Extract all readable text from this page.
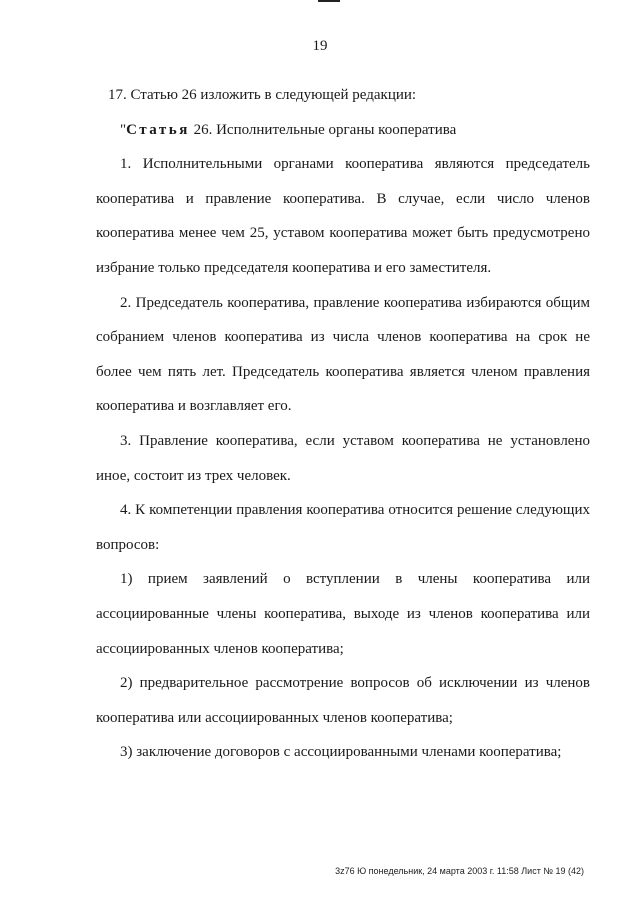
19

17. Статью 26 изложить в следующей редакции:

"Статья 26. Исполнительные органы кооператива

1. Исполнительными органами кооператива являются председатель кооператива и правление кооператива. В случае, если число членов кооператива менее чем 25, уставом кооператива может быть предусмотрено избрание только председателя кооператива и его заместителя.

2. Председатель кооператива, правление кооператива избираются общим собранием членов кооператива из числа членов кооператива на срок не более чем пять лет. Председатель кооператива является членом правления кооператива и возглавляет его.

3. Правление кооператива, если уставом кооператива не установлено иное, состоит из трех человек.

4. К компетенции правления кооператива относится решение следующих вопросов:

1) прием заявлений о вступлении в члены кооператива или ассоциированные члены кооператива, выходе из членов кооператива или ассоциированных членов кооператива;

2) предварительное рассмотрение вопросов об исключении из членов кооператива или ассоциированных членов кооператива;

3) заключение договоров с ассоциированными членами кооператива;

3z76 Ю понедельник, 24 марта 2003 г. 11:58 Лист № 19 (42)
